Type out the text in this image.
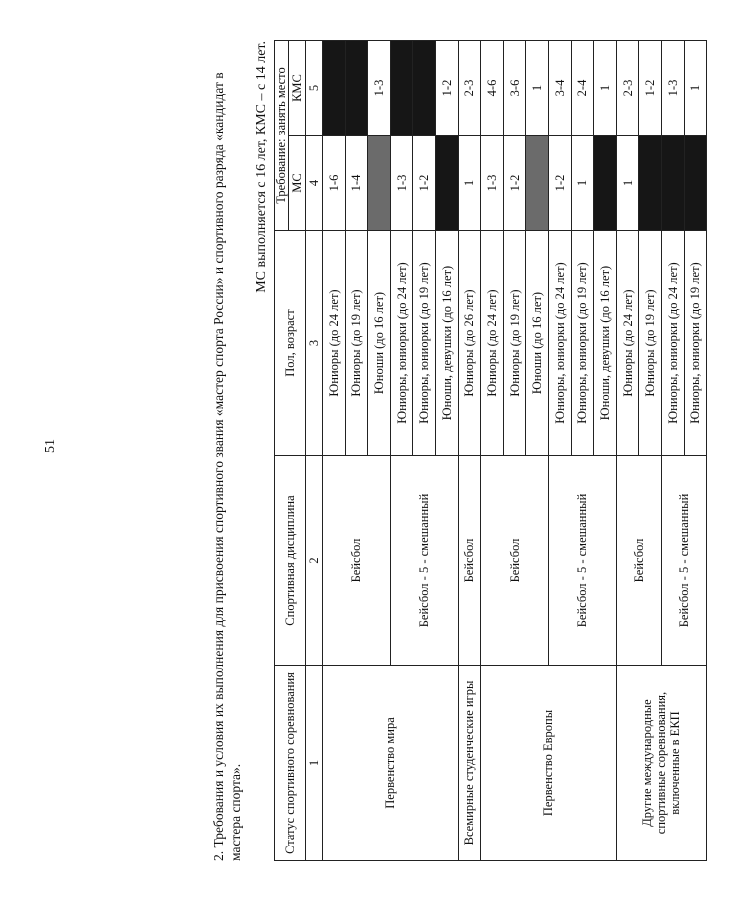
51	2. Требования и условия их выполнения для присвоения спортивного звания «мастер спорта России» и спортивного разряда «кандидат в мастера спорта».
МС выполняется с 16 лет, КМС – с 14 лет.
Статус спортивного соревнования	Спортивная дисциплина	Пол, возраст	Требование: занять место	
			МС	КМС
1	2	3	4	5
Первенство мира	Бейсбол	Юниоры (до 24 лет)	1-6	
		Юниоры (до 19 лет)	1-4	
		Юноши (до 16 лет)		1-3
	Бейсбол - 5 - смешанный	Юниоры, юниорки (до 24 лет)	1-3	
		Юниоры, юниорки (до 19 лет)	1-2	
		Юноши, девушки (до 16 лет)		1-2
Всемирные студенческие игры	Бейсбол	Юниоры (до 26 лет)	1	2-3
Первенство Европы	Бейсбол	Юниоры (до 24 лет)	1-3	4-6
		Юниоры (до 19 лет)	1-2	3-6
		Юноши (до 16 лет)		1
	Бейсбол - 5 - смешанный	Юниоры, юниорки (до 24 лет)	1-2	3-4
		Юниоры, юниорки (до 19 лет)	1	2-4
		Юноши, девушки (до 16 лет)		1
Другие международные спортивные соревнования, включенные в ЕКП	Бейсбол	Юниоры (до 24 лет)	1	2-3
		Юниоры (до 19 лет)		1-2
	Бейсбол - 5 - смешанный	Юниоры, юниорки (до 24 лет)		1-3
		Юниоры, юниорки (до 19 лет)		1
